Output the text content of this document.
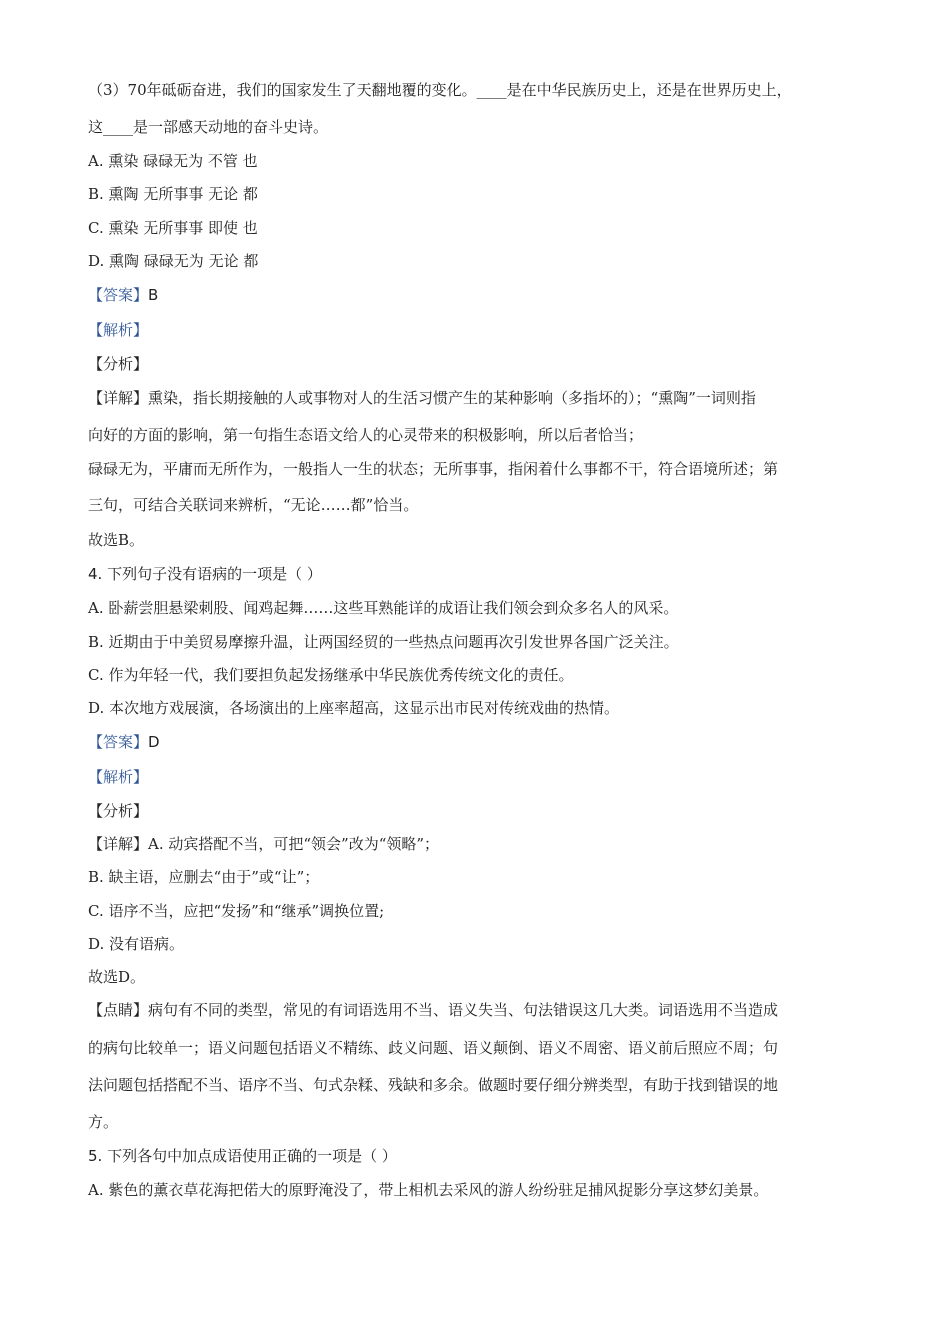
（3）70年砥砺奋进，我们的国家发生了天翻地覆的变化。____是在中华民族历史上，还是在世界历史上，
这____是一部感天动地的奋斗史诗。
A. 熏染 碌碌无为 不管 也
B. 熏陶 无所事事 无论 都
C. 熏染 无所事事 即使 也
D. 熏陶 碌碌无为 无论 都
【答案】B
【解析】
【分析】
【详解】熏染，指长期接触的人或事物对人的生活习惯产生的某种影响（多指坏的）；“熏陶”一词则指
向好的方面的影响，第一句指生态语文给人的心灵带来的积极影响，所以后者恰当；
碌碌无为，平庸而无所作为，一般指人一生的状态；无所事事，指闲着什么事都不干，符合语境所述；第
三句，可结合关联词来辨析，“无论……都”恰当。
故选B。
4. 下列句子没有语病的一项是（ ）
A. 卧薪尝胆悬梁刺股、闻鸡起舞……这些耳熟能详的成语让我们领会到众多名人的风采。
B. 近期由于中美贸易摩擦升温，让两国经贸的一些热点问题再次引发世界各国广泛关注。
C. 作为年轻一代，我们要担负起发扬继承中华民族优秀传统文化的责任。
D. 本次地方戏展演，各场演出的上座率超高，这显示出市民对传统戏曲的热情。
【答案】D
【解析】
【分析】
【详解】A. 动宾搭配不当，可把“领会”改为“领略”；
B. 缺主语，应删去“由于”或“让”；
C. 语序不当，应把“发扬”和“继承”调换位置;
D. 没有语病。
故选D。
【点睛】病句有不同的类型，常见的有词语选用不当、语义失当、句法错误这几大类。词语选用不当造成
的病句比较单一；语义问题包括语义不精练、歧义问题、语义颠倒、语义不周密、语义前后照应不周；句
法问题包括搭配不当、语序不当、句式杂糅、残缺和多余。做题时要仔细分辨类型，有助于找到错误的地
方。
5. 下列各句中加点成语使用正确的一项是（ ）
A. 紫色的薰衣草花海把偌大的原野淹没了，带上相机去采风的游人纷纷驻足捕风捉影分享这梦幻美景。
